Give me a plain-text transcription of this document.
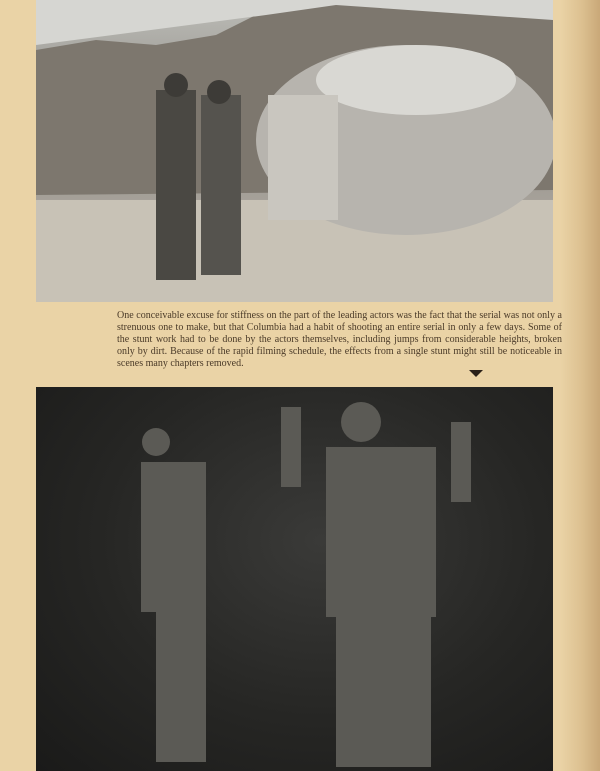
One conceivable excuse for stiffness on the part of the leading actors was the fact that the serial was not only a strenuous one to make, but that Columbia had a habit of shooting an entire serial in only a few days. Some of the stunt work had to be done by the actors themselves, including jumps from considerable heights, broken only by dirt. Because of the rapid filming schedule, the effects from a single stunt might still be noticeable in scenes many chapters removed.
